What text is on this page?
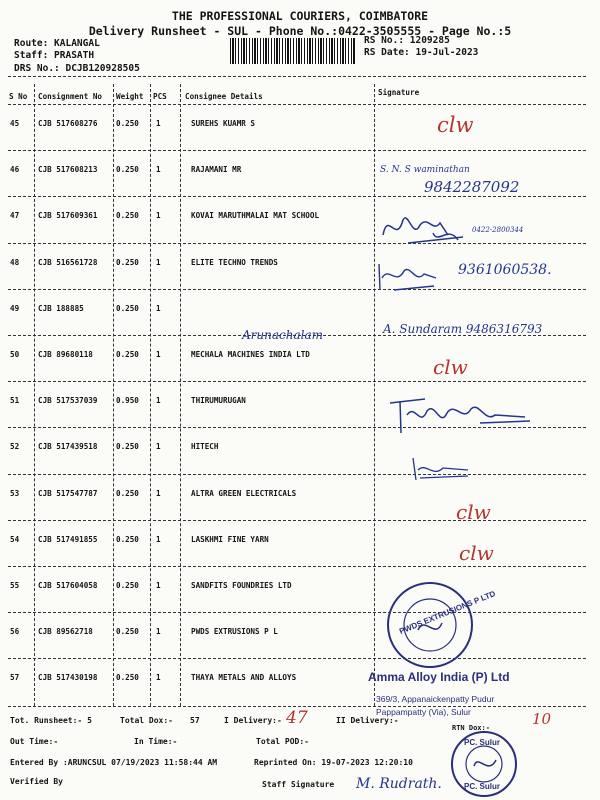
THE PROFESSIONAL COURIERS, COIMBATORE
Delivery Runsheet - SUL - Phone No.:0422-3505555 - Page No.:5
Route: KALANGAL
Staff: PRASATH
DRS No.: DCJB120928505
RS No.: 1209285
RS Date: 19-Jul-2023
S No Consignment No Weight PCS Consignee Details	Signature
45 CJB 517608276 0.250 1	SUREHS KUAMR S
46 CJB 517608213 0.250 1	RAJAMANI MR
47 CJB 517609361 0.250 1	KOVAI MARUTHMALAI MAT SCHOOL
48 CJB 516561728 0.250 1	ELITE TECHNO TRENDS
49 CJB 188885	0.250 1
50 CJB 89680118	0.250 1	MECHALA MACHINES INDIA LTD
51 CJB 517537039 0.950 1	THIRUMURUGAN
52 CJB 517439518 0.250 1	HITECH
53 CJB 517547787 0.250 1	ALTRA GREEN ELECTRICALS
54 CJB 517491855 0.250 1	LASKHMI FINE YARN
55 CJB 517604058 0.250 1	SANDFITS FOUNDRIES LTD
56 CJB 89562718	0.250 1	PWDS EXTRUSIONS P L
57 CJB 517430198 0.250 1	THAYA METALS AND ALLOYS
clw
S. N. S waminathan
9842287092
0422-2800344
9361060538.
Arunachalam	A. Sundaram 9486316793
clw
clw
clw
PWDS EXTRUSIONS P LTD
Amma Alloy India (P) Ltd
369/3, Appanaickenpatty Pudur
Pappampatty (Via), Sulur
PC. Sulur
PC. Sulur
Tot. Runsheet:- 5	Total Dox:- 57	I Delivery:- 47	II Delivery:-
RTN Dox:-	10
Out Time:-	In Time:-	Total POD:-
Entered By :ARUNCSUL 07/19/2023 11:58:44 AM	Reprinted On: 19-07-2023 12:20:10
Verified By	Staff Signature M. Rudrath.
